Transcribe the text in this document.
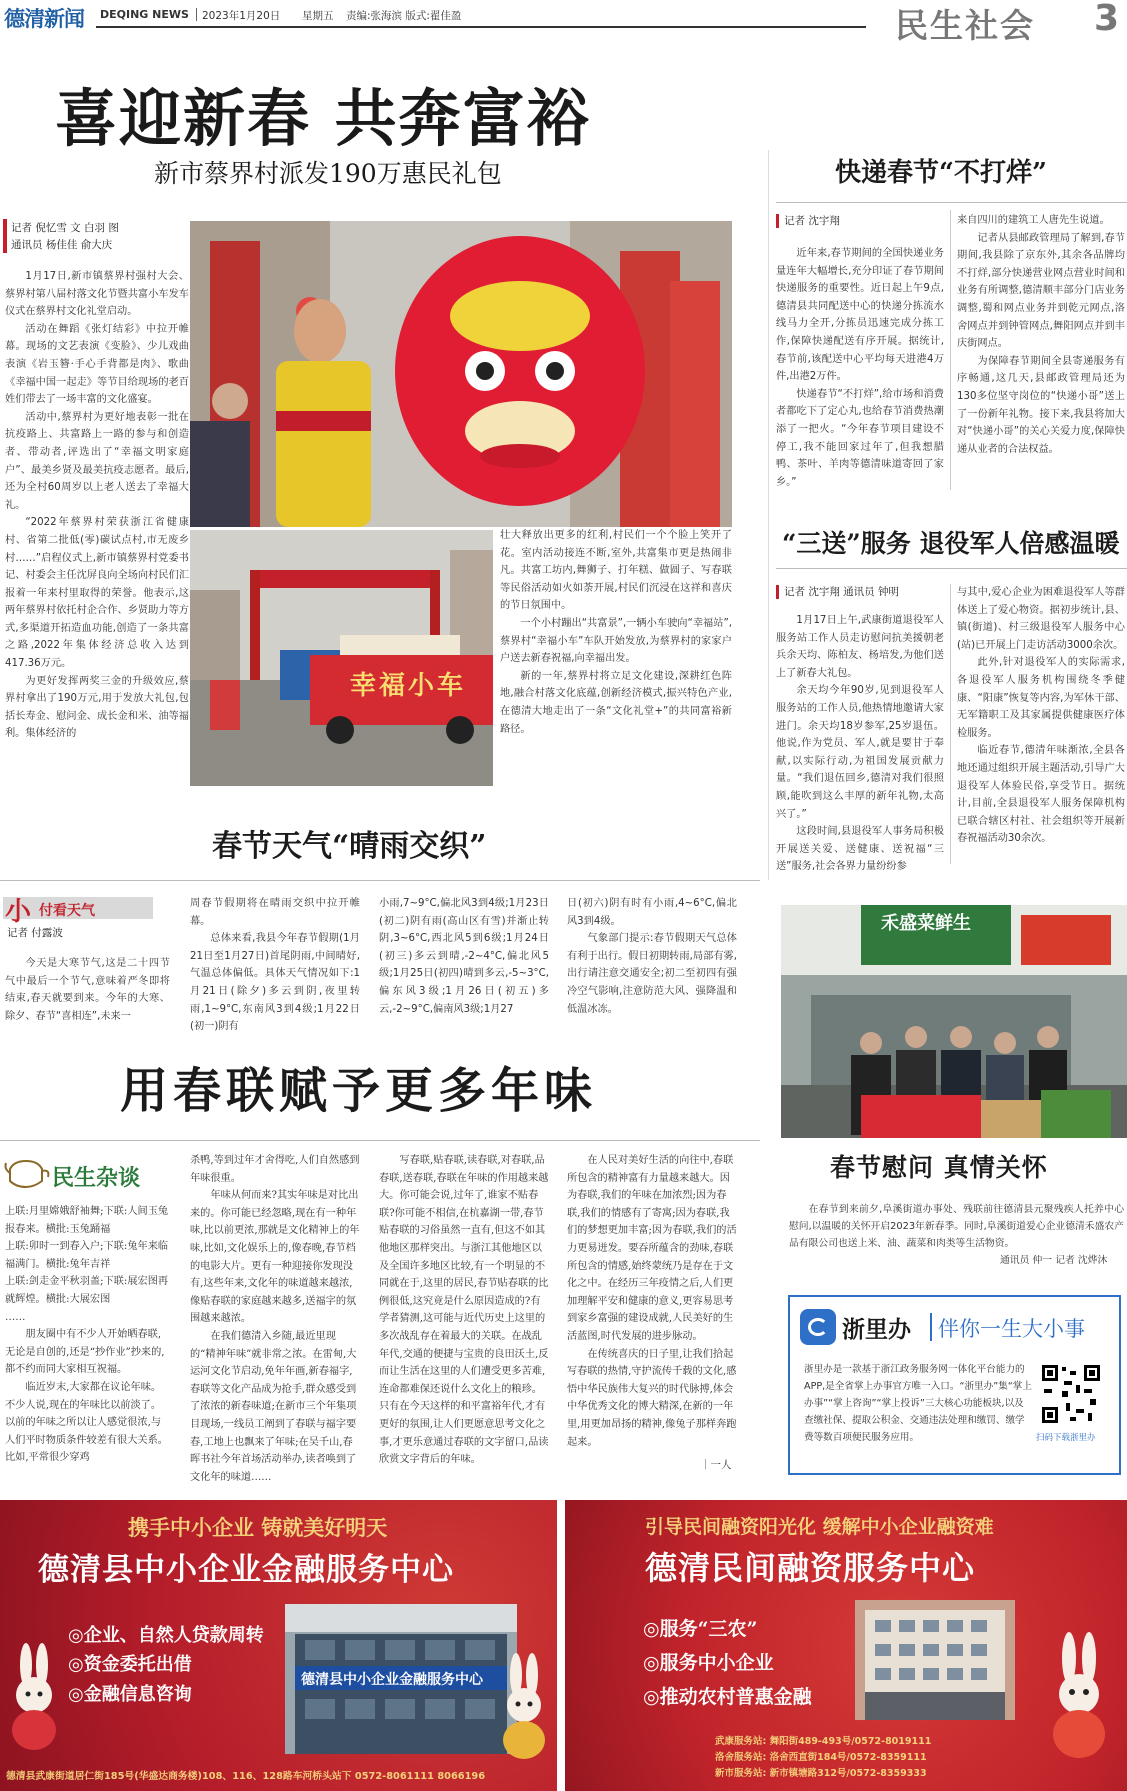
德清新闻 DEQING NEWS 2023年1月20日 星期五 责编:张海滨 版式:翟佳盈	民生社会 3
喜迎新春 共奔富裕
新市蔡界村派发190万惠民礼包
记者 倪忆雪 文 白羽 图
通讯员 杨佳佳 俞大庆

1月17日,新市镇蔡界村强村大会、蔡界村第八届村落文化节暨共富小车发车仪式在蔡界村文化礼堂启动。

活动在舞蹈《张灯结彩》中拉开帷幕。现场的文艺表演《变脸》、少儿戏曲表演《岩玉簪·手心手背都是肉》、歌曲《幸福中国一起走》等节目给现场的老百姓们带去了一场丰富的文化盛宴。

活动中,蔡界村为更好地表彰一批在抗疫路上、共富路上一路的参与和创造者、带动者,评选出了“幸福文明家庭户”、最美乡贤及最美抗疫志愿者。最后,还为全村60周岁以上老人送去了幸福大礼。

“2022年蔡界村荣获浙江省健康村、省第二批低(零)碳试点村,市无废乡村……”启程仪式上,新市镇蔡界村党委书记、村委会主任沈屏良向全场向村民们汇报着一年来村里取得的荣誉。他表示,这两年蔡界村依托村企合作、乡贤助力等方式,多渠道开拓造血功能,创造了一条共富之路,2022年集体经济总收入达到417.36万元。

为更好发挥两奖三金的升级效应,蔡界村拿出了190万元,用于发放大礼包,包括长寿金、慰问金、成长金和米、油等福利。集体经济的

幸福小车

壮大释放出更多的红利,村民们一个个脸上笑开了花。室内活动接连不断,室外,共富集市更是热闹非凡。共富工坊内,舞狮子、打年糕、做圆子、写春联等民俗活动如火如荼开展,村民们沉浸在这祥和喜庆的节日氛围中。

一个小村蹦出“共富景”,一辆小车驶向“幸福站”,蔡界村“幸福小车”车队开始发放,为蔡界村的家家户户送去新春祝福,向幸福出发。

新的一年,蔡界村将立足文化建设,深耕红色阵地,融合村落文化底蕴,创新经济模式,振兴特色产业,在德清大地走出了一条“文化礼堂+”的共同富裕新路径。

快递春节“不打烊”
记者 沈宇翔

近年来,春节期间的全国快递业务量连年大幅增长,充分印证了春节期间快递服务的重要性。近日起上午9点,德清县共同配送中心的快递分拣流水线马力全开,分拣员迅速完成分拣工作,保障快递配送有序开展。据统计,春节前,该配送中心平均每天进港4万件,出港2万件。

快递春节“不打烊”,给市场和消费者都吃下了定心丸,也给春节消费热潮添了一把火。“今年春节项目建设不停工,我不能回家过年了,但我想腊鸭、茶叶、羊肉等德清味道寄回了家乡。”

来自四川的建筑工人唐先生说道。

记者从县邮政管理局了解到,春节期间,我县除了京东外,其余各品牌均不打烊,部分快递营业网点营业时间和业务有所调整,德清顺丰部分门店业务调整,蜀和网点业务并到乾元网点,洛舍网点并到钟管网点,舞阳网点并到丰庆街网点。

为保障春节期间全县寄递服务有序畅通,这几天,县邮政管理局还为130多位坚守岗位的“快递小哥”送上了一份新年礼物。接下来,我县将加大对“快递小哥”的关心关爱力度,保障快递从业者的合法权益。

“三送”服务 退役军人倍感温暖
记者 沈宇翔 通讯员 钟明

1月17日上午,武康街道退役军人服务站工作人员走访慰问抗美援朝老兵余天均、陈柏友、杨培发,为他们送上了新春大礼包。

余天均今年90岁,见到退役军人服务站的工作人员,他热情地邀请大家进门。余天均18岁参军,25岁退伍。他说,作为党员、军人,就是要甘于奉献,以实际行动,为祖国发展贡献力量。“我们退伍回乡,德清对我们很照顾,能吹到这么丰厚的新年礼物,太高兴了。”

这段时间,县退役军人事务局积极开展送关爱、送健康、送祝福“三送”服务,社会各界力量纷纷参

与其中,爱心企业为困难退役军人等群体送上了爱心物资。据初步统计,县、镇(街道)、村三级退役军人服务中心(站)已开展上门走访活动3000余次。

此外,针对退役军人的实际需求,各退役军人服务机构围绕冬季健康、“阳康”恢复等内容,为军休干部、无军籍职工及其家属提供健康医疗体检服务。

临近春节,德清年味渐浓,全县各地还通过组织开展主题活动,引导广大退役军人体验民俗,享受节日。据统计,目前,全县退役军人服务保障机构已联合辖区村社、社会组织等开展新春祝福活动30余次。

春节天气“晴雨交织”
小 付看天气
记者 付露波

今天是大寒节气,这是二十四节气中最后一个节气,意味着严冬即将结束,春天就要到来。今年的大寒、除夕、春节“喜相连”,未来一

周春节假期将在晴雨交织中拉开帷幕。

总体来看,我县今年春节假期(1月21日至1月27日)首尾阴雨,中间晴好,气温总体偏低。具体天气情况如下:1月21日(除夕)多云到阴,夜里转雨,1~9°C,东南风3到4级;1月22日(初一)阴有

小雨,7~9°C,偏北风3到4级;1月23日(初二)阴有雨(高山区有雪)并渐止转阴,3~6°C,西北风5到6级;1月24日(初三)多云到晴,-2~4°C,偏北风5级;1月25日(初四)晴到多云,-5~3°C,偏东风3级;1月26日(初五)多云,-2~9°C,偏南风3级;1月27

日(初六)阴有时有小雨,4~6°C,偏北风3到4级。

气象部门提示:春节假期天气总体有利于出行。假日初期转雨,局部有雾,出行请注意交通安全;初二至初四有强冷空气影响,注意防范大风、强降温和低温冰冻。

用春联赋予更多年味
民生杂谈

上联:月里嫦娥舒袖舞;下联:人间玉兔报春来。横批:玉兔踊福

上联:卯时一到春入户;下联:兔年来临福满门。横批:兔年吉祥

上联:剑走金平秋羽盖;下联:展宏图再就辉煌。横批:大展宏图

……

朋友圈中有不少人开始晒春联,无论是自创的,还是“抄作业”抄来的,都不约而同大家相互祝福。

临近岁末,大家都在议论年味。不少人说,现在的年味比以前淡了。以前的年味之所以让人感觉很浓,与人们平时物质条件较差有很大关系。比如,平常很少穿鸡

杀鸭,等到过年才舍得吃,人们自然感到年味很重。

年味从何而来?其实年味是对比出来的。你可能已经忽略,现在有一种年味,比以前更浓,那就是文化精神上的年味,比如,文化娱乐上的,像春晚,春节档的电影大片。更有一种迎接你发现没有,这些年来,文化年的味道越来越浓,像贴春联的家庭越来越多,送福字的氛围越来越浓。

在我们德清入乡随,最近里现的“精神年味”就非常之浓。在雷甸,大运河文化节启动,免年年画,新春福字,春联等文化产品成为抢手,群众感受到了浓浓的新春味道;在新市三个年集项目现场,一线员工阐到了春联与福字要春,工地上也飘来了年味;在吴千山,春晖书社今年首场活动举办,读者唤到了文化年的味道……

写春联,贴春联,读春联,对春联,品春联,送春联,春联在年味的作用越来越大。你可能会说,过年了,谁家不贴春联?你可能不相信,在杭嘉湖一带,春节贴春联的习俗虽然一直有,但这不如其他地区那样突出。与浙江其他地区以及全国许多地区比较,有一个明显的不同就在于,这里的居民,春节贴春联的比例很低,这究竟是什么原因造成的?有学者猜测,这可能与近代历史上这里的多次战乱存在着最大的关联。在战乱年代,交通的便捷与宝贵的良田沃土,反而让生活在这里的人们遭受更多苦难,连命都难保还说什么文化上的粮珍。只有在今天这样的和平富裕年代,才有更好的氛围,让人们更愿意思考文化之事,才更乐意通过春联的文字留口,品读欣赏文字背后的年味。

在人民对美好生活的向往中,春联所包含的精神富有力量越来越大。因为春联,我们的年味在加浓烈;因为春联,我们的情感有了寄寓;因为春联,我们的梦想更加丰富;因为春联,我们的活力更易迸发。要吞所蕴含的劲味,春联所包含的情感,始终蒙统乃是存在于文化之中。在经历三年疫情之后,人们更加理解平安和健康的意义,更容易思考到家乡富强的建设成就,人民美好的生活蓝图,时代发展的进步脉动。

在传统喜庆的日子里,让我们拾起写春联的热情,守护流传千载的文化,感悟中华民族伟大复兴的时代脉搏,体会中华优秀文化的博大精深,在新的一年里,用更加昂扬的精神,像兔子那样奔跑起来。

｜一人
禾盛菜鲜生
春节慰问 真情关怀

在春节到来前夕,阜溪街道办事处、残联前往德清县元聚残疾人托养中心慰问,以温暖的关怀开启2023年新春季。同时,阜溪街道爱心企业德清禾盛农产品有限公司也送上米、油、蔬菜和肉类等生活物资。

通讯员 仲一 记者 沈烨沐
浙里办 伴你一生大小事
浙里办是一款基于浙江政务服务网一体化平台能力的APP,是全省掌上办事官方唯一入口。“浙里办”集“掌上办事”“掌上咨询”“掌上投诉”三大核心功能板块,以及查缴社保、提取公积金、交通违法处理和缴罚、缴学费等数百项便民服务应用。	扫码下载浙里办
携手中小企业 铸就美好明天
德清县中小企业金融服务中心
德清县中小企业金融服务中心
◎企业、自然人贷款周转
◎资金委托出借
◎金融信息咨询
德清县武康街道居仁街185号(华盛达商务楼)108、116、128路车河桥头站下 0572-8061111 8066196
引导民间融资阳光化 缓解中小企业融资难
德清民间融资服务中心
◎服务“三农”
◎服务中小企业
◎推动农村普惠金融
武康服务站: 舞阳街489-493号/0572-8019111
洛舍服务站: 洛舍西直街184号/0572-8359111
新市服务站: 新市镇塘路312号/0572-8359333
